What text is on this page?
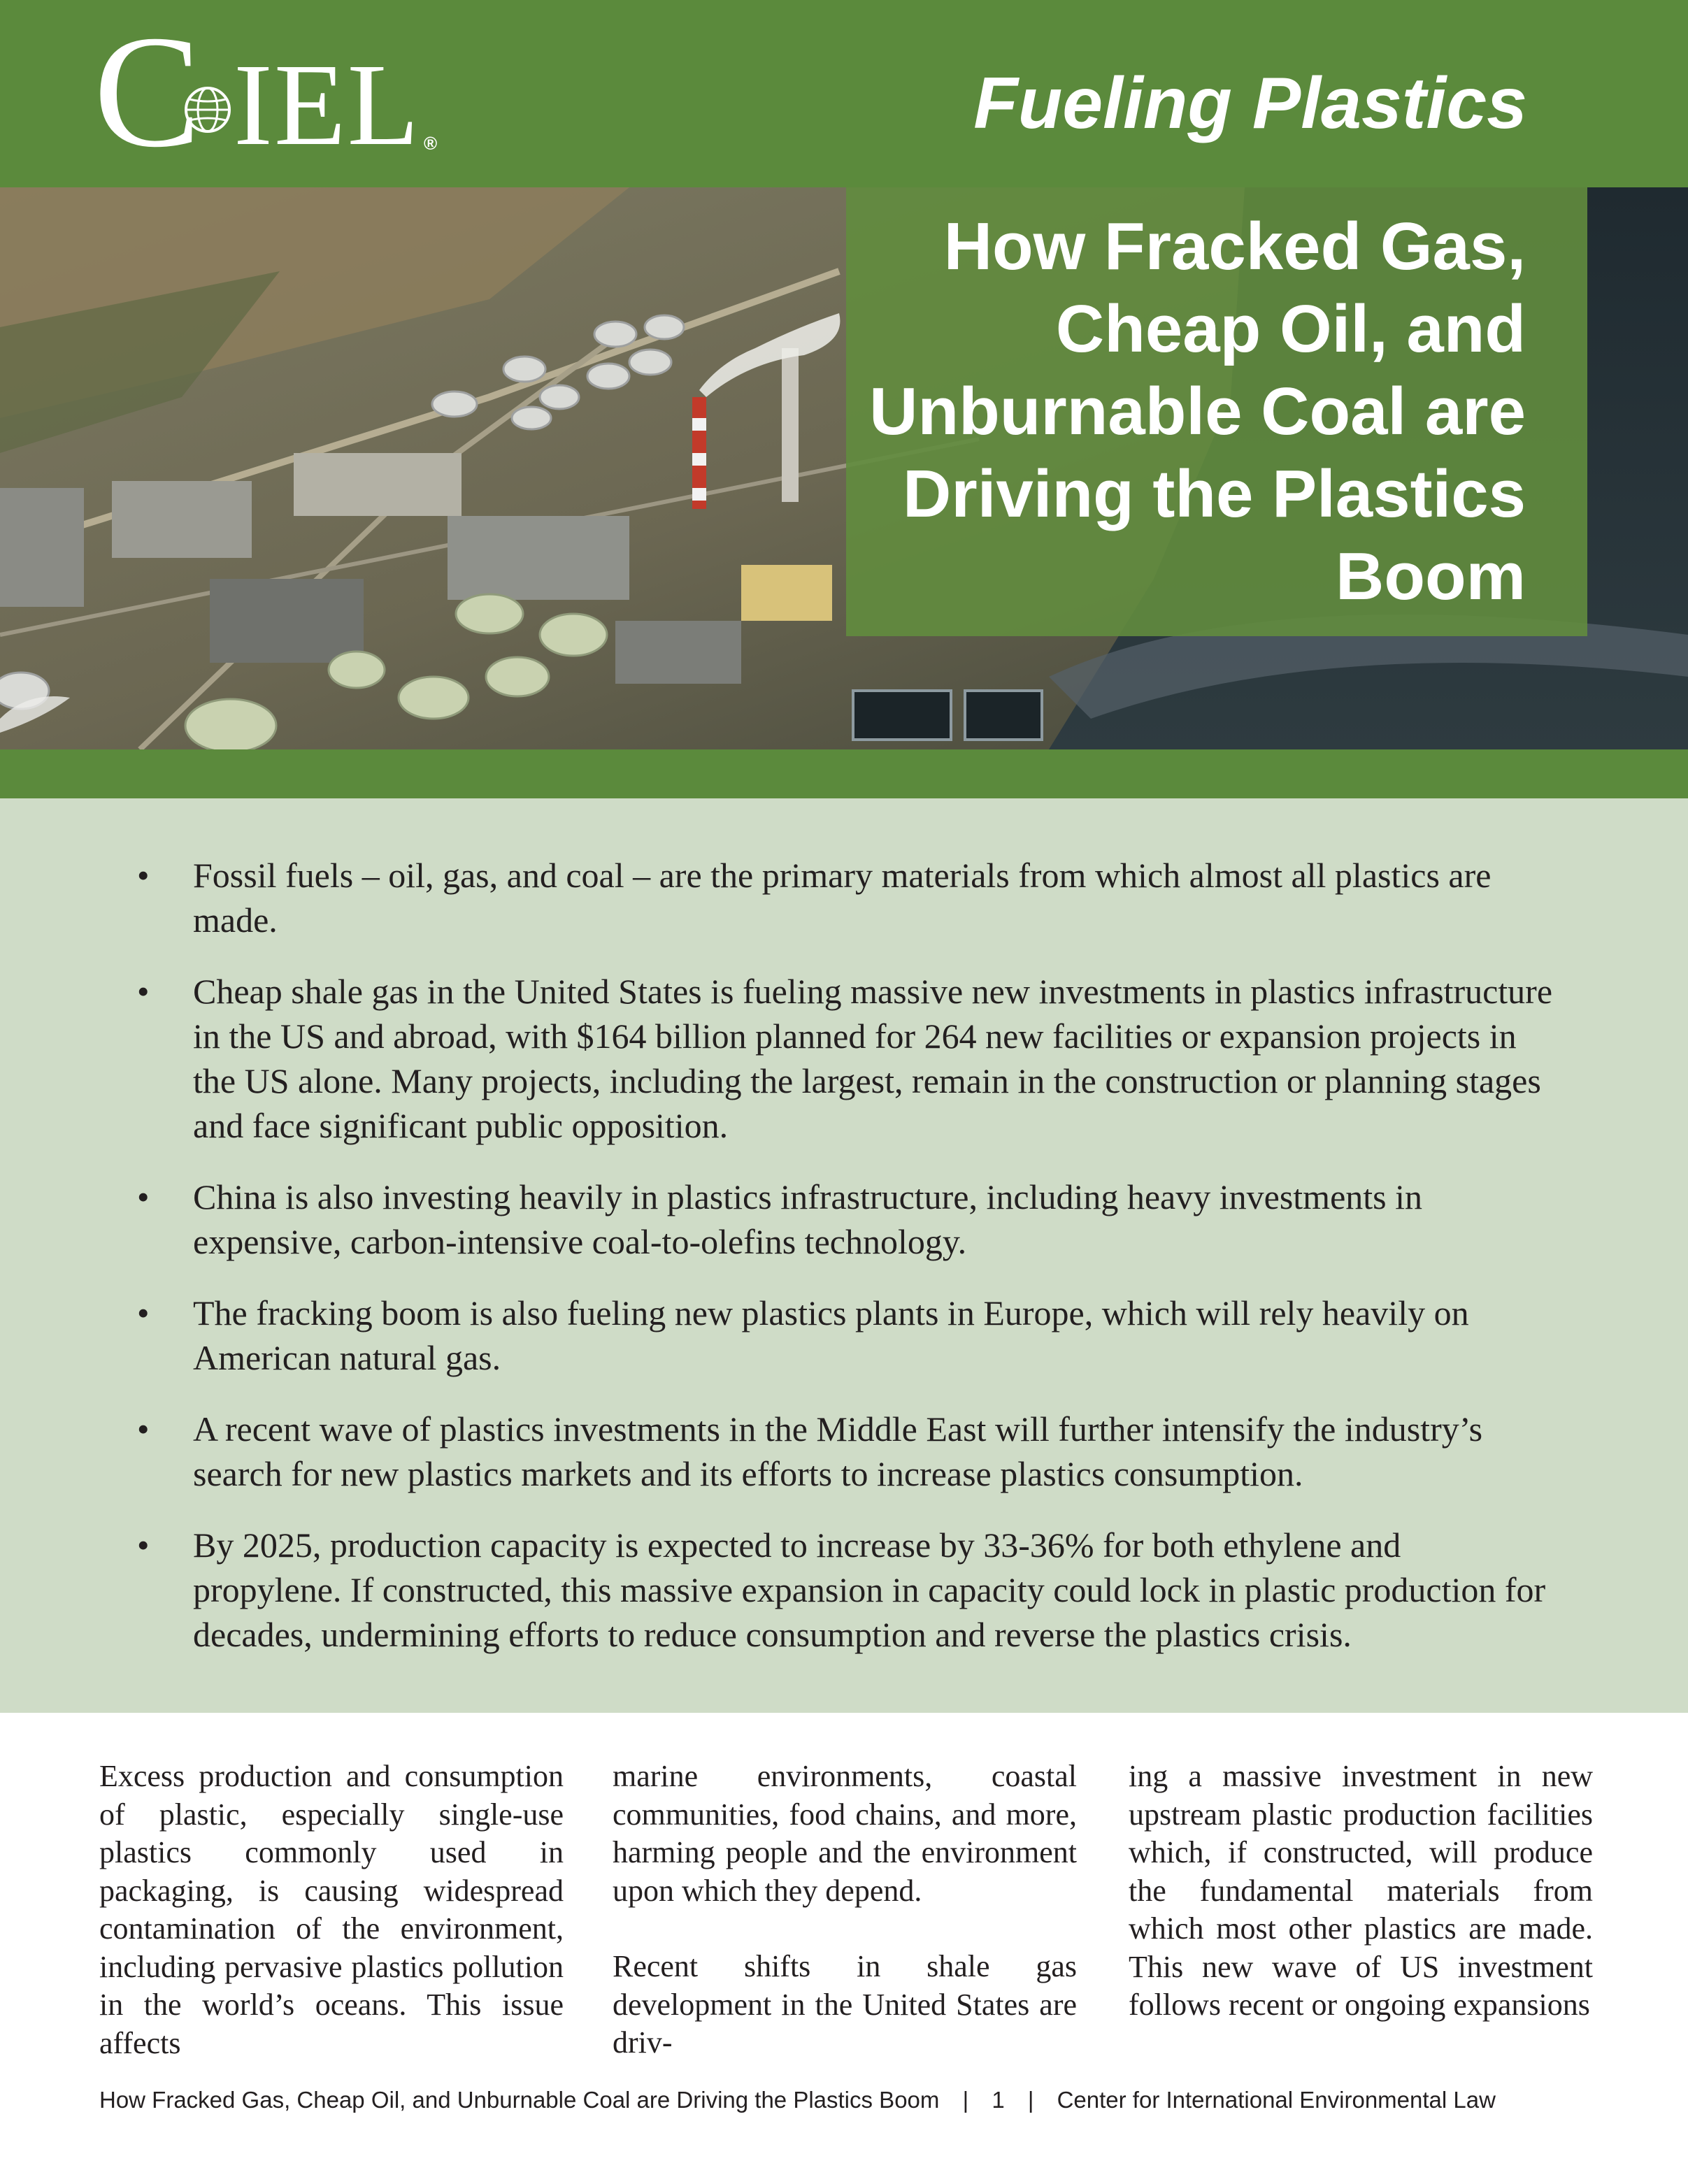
C IEL ®	Fueling Plastics
How Fracked Gas, Cheap Oil, and Unburnable Coal are Driving the Plastics Boom
• Fossil fuels – oil, gas, and coal – are the primary materials from which almost all plastics are made.
• Cheap shale gas in the United States is fueling massive new investments in plastics infrastructure in the US and abroad, with $164 billion planned for 264 new facilities or expansion projects in the US alone. Many projects, including the largest, remain in the construction or planning stages and face significant public opposition.
• China is also investing heavily in plastics infrastructure, including heavy investments in expensive, carbon-intensive coal-to-olefins technology.
• The fracking boom is also fueling new plastics plants in Europe, which will rely heavily on American natural gas.
• A recent wave of plastics investments in the Middle East will further intensify the industry’s search for new plastics markets and its efforts to increase plastics consumption.
• By 2025, production capacity is expected to increase by 33-36% for both ethylene and propylene. If constructed, this massive expansion in capacity could lock in plastic production for decades, undermining efforts to reduce consumption and reverse the plastics crisis.

Excess production and consumption of plastic, especially single-use plastics commonly used in packaging, is causing widespread contamination of the environment, including pervasive plastics pollution in the world’s oceans. This issue affects

marine environments, coastal communities, food chains, and more, harming people and the environment upon which they depend.

Recent shifts in shale gas development in the United States are driv-

ing a massive investment in new upstream plastic production facilities which, if constructed, will produce the fundamental materials from which most other plastics are made. This new wave of US investment follows recent or ongoing expansions

How Fracked Gas, Cheap Oil, and Unburnable Coal are Driving the Plastics Boom | 1 | Center for International Environmental Law
